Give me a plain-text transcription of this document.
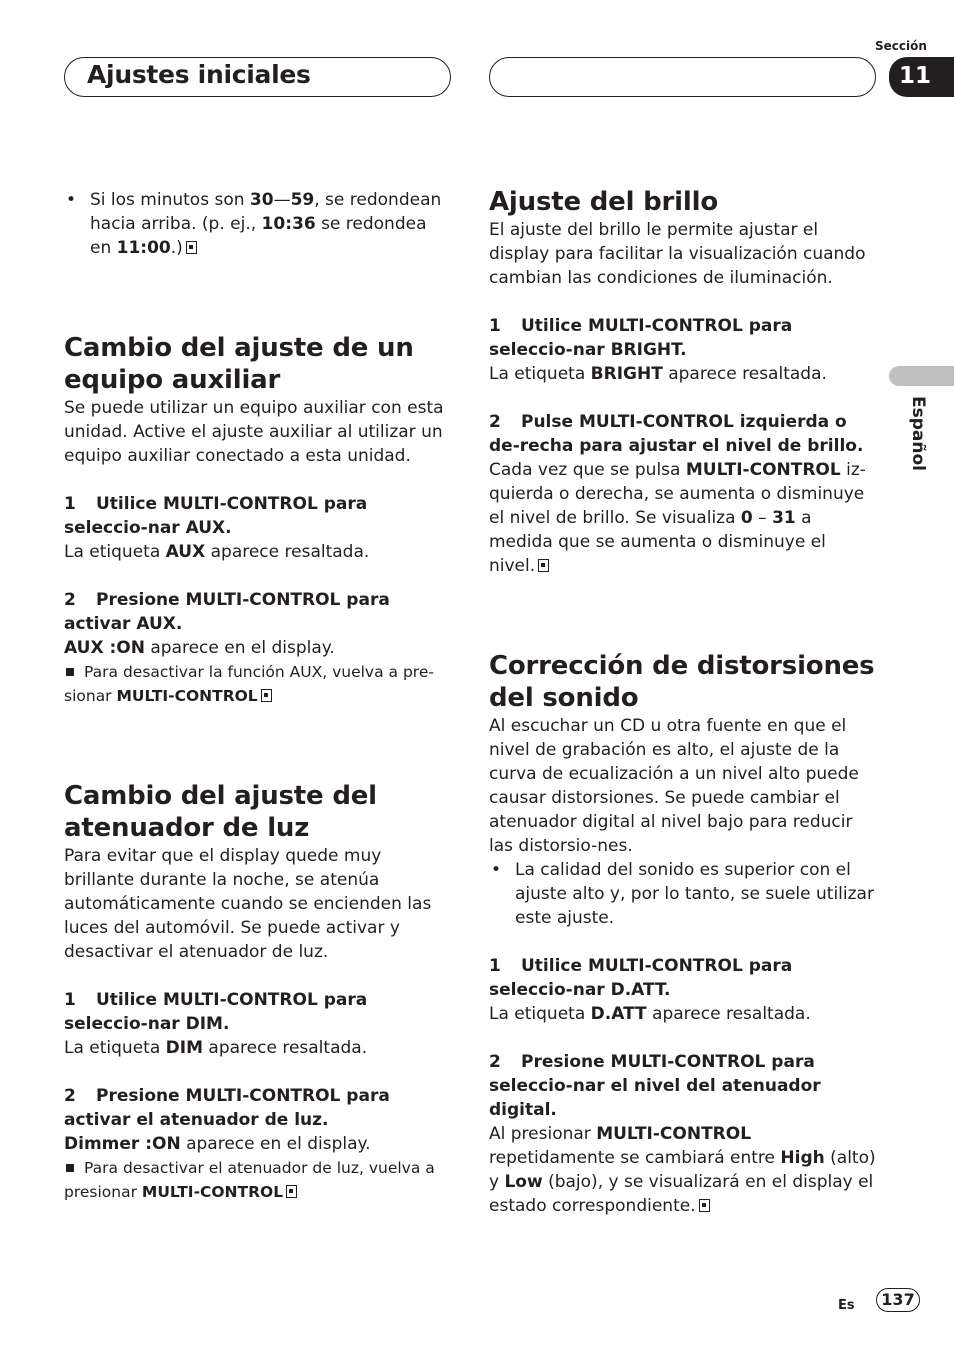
Ajustes iniciales
Sección
11
Español

• Si los minutos son 30—59, se redondean hacia arriba. (p. ej., 10:36 se redondea en 11:00.)

Cambio del ajuste de un equipo auxiliar

Se puede utilizar un equipo auxiliar con esta unidad. Active el ajuste auxiliar al utilizar un equipo auxiliar conectado a esta unidad.

1 Utilice MULTI-CONTROL para seleccio-nar AUX.

La etiqueta AUX aparece resaltada.

2 Presione MULTI-CONTROL para activar AUX.

AUX :ON aparece en el display.

Para desactivar la función AUX, vuelva a pre-sionar MULTI-CONTROL

Cambio del ajuste del atenuador de luz

Para evitar que el display quede muy brillante durante la noche, se atenúa automáticamente cuando se encienden las luces del automóvil. Se puede activar y desactivar el atenuador de luz.

1 Utilice MULTI-CONTROL para seleccio-nar DIM.

La etiqueta DIM aparece resaltada.

2 Presione MULTI-CONTROL para activar el atenuador de luz.

Dimmer :ON aparece en el display.

Para desactivar el atenuador de luz, vuelva a presionar MULTI-CONTROL

Ajuste del brillo

El ajuste del brillo le permite ajustar el display para facilitar la visualización cuando cambian las condiciones de iluminación.

1 Utilice MULTI-CONTROL para seleccio-nar BRIGHT.

La etiqueta BRIGHT aparece resaltada.

2 Pulse MULTI-CONTROL izquierda o de-recha para ajustar el nivel de brillo.

Cada vez que se pulsa MULTI-CONTROL iz-quierda o derecha, se aumenta o disminuye el nivel de brillo. Se visualiza 0 – 31 a medida que se aumenta o disminuye el nivel.

Corrección de distorsiones del sonido

Al escuchar un CD u otra fuente en que el nivel de grabación es alto, el ajuste de la curva de ecualización a un nivel alto puede causar distorsiones. Se puede cambiar el atenuador digital al nivel bajo para reducir las distorsio-nes.

• La calidad del sonido es superior con el ajuste alto y, por lo tanto, se suele utilizar este ajuste.

1 Utilice MULTI-CONTROL para seleccio-nar D.ATT.

La etiqueta D.ATT aparece resaltada.

2 Presione MULTI-CONTROL para seleccio-nar el nivel del atenuador digital.

Al presionar MULTI-CONTROL repetidamente se cambiará entre High (alto) y Low (bajo), y se visualizará en el display el estado correspondiente.

Es	137
